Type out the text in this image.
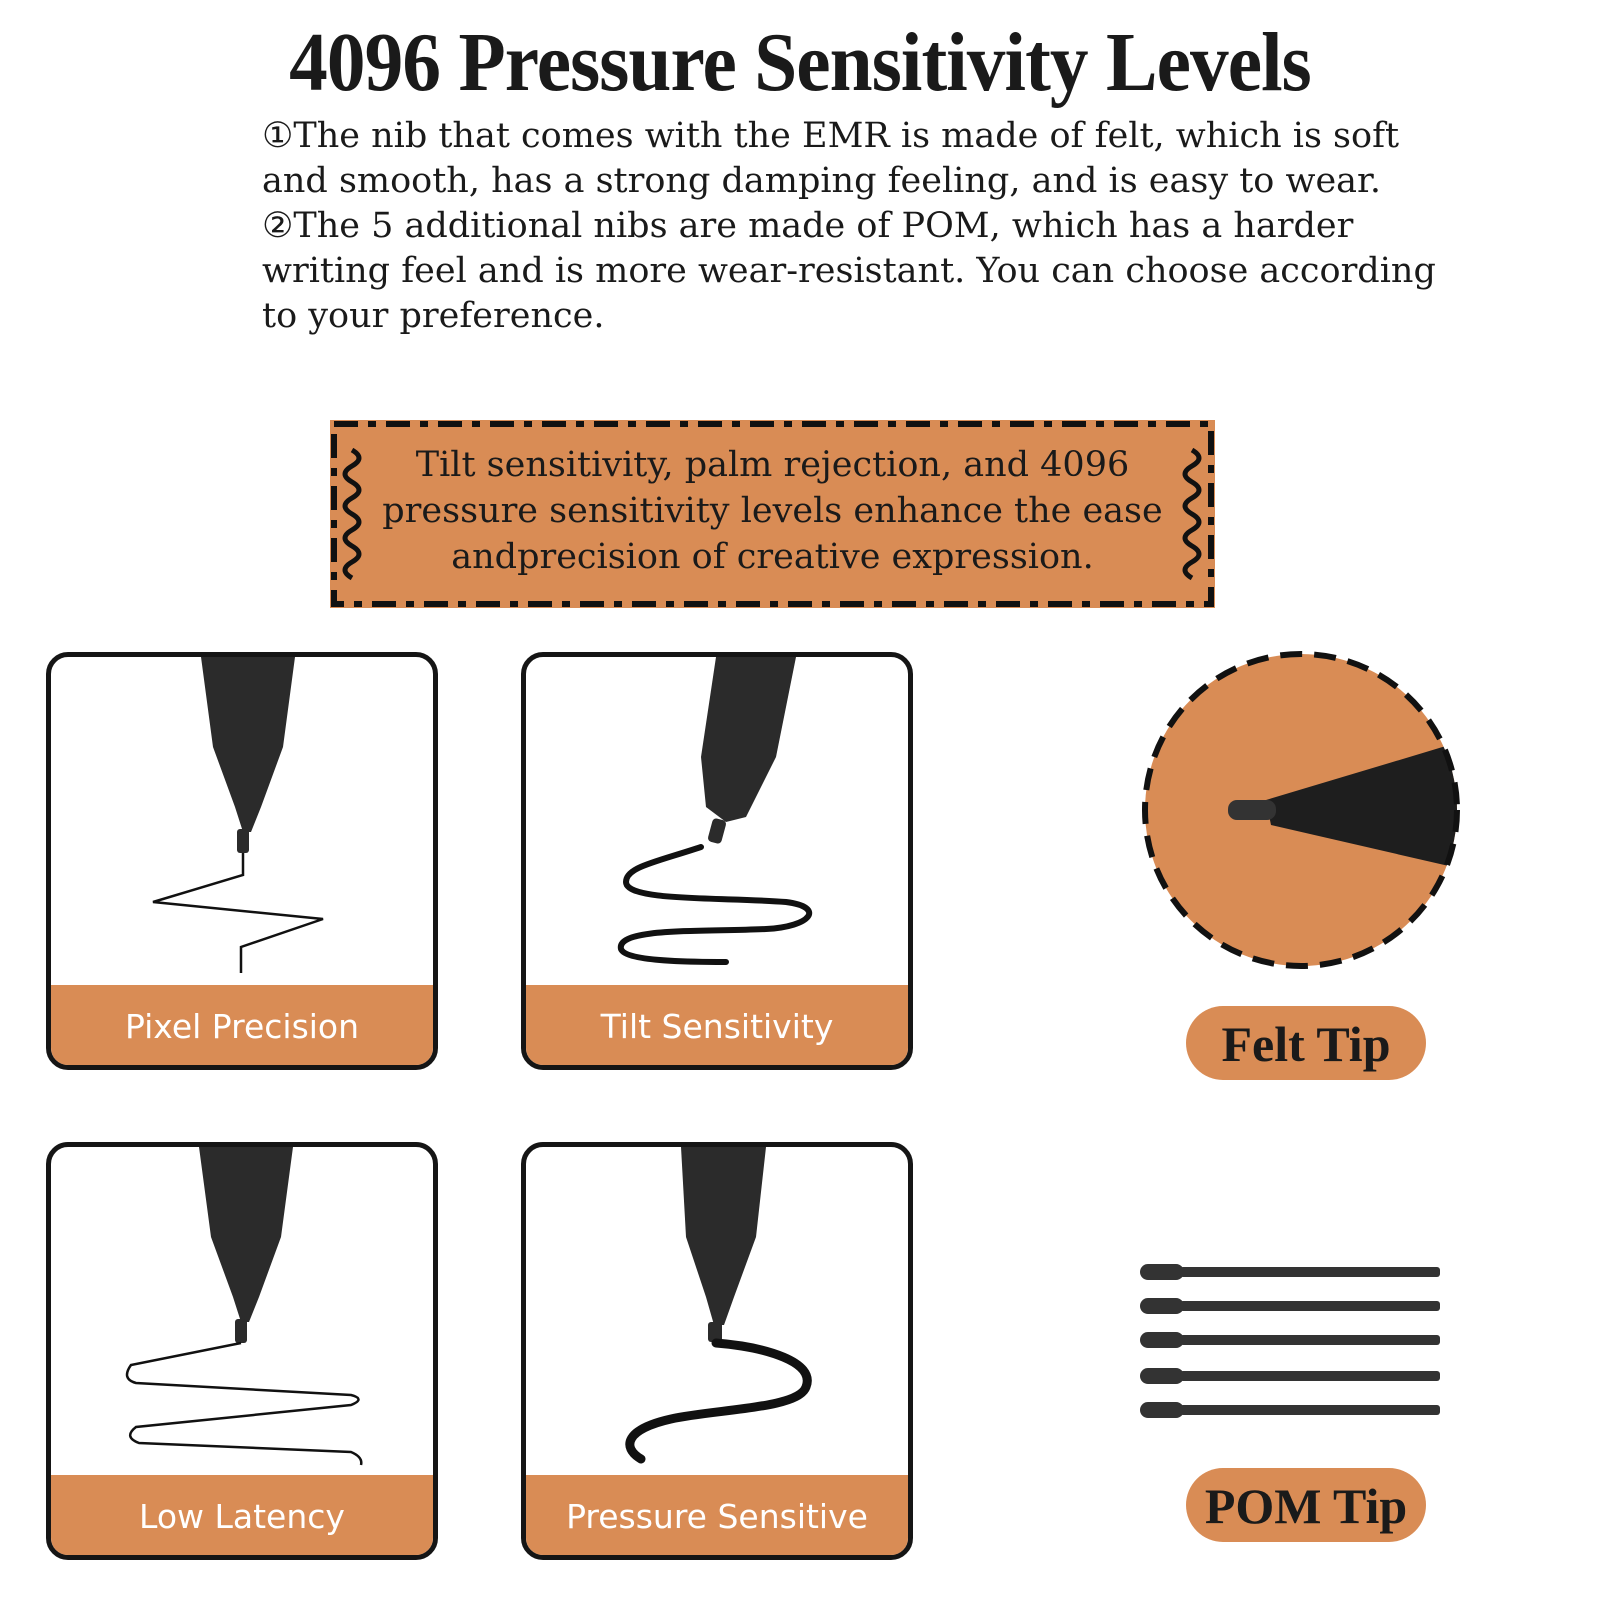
4096 Pressure Sensitivity Levels

①The nib that comes with the EMR is made of felt, which is soft and smooth, has a strong damping feeling, and is easy to wear.

②The 5 additional nibs are made of POM, which has a harder writing feel and is more wear-resistant. You can choose according to your preference.

Tilt sensitivity, palm rejection, and 4096 pressure sensitivity levels enhance the ease andprecision of creative expression.
Pixel Precision	Tilt Sensitivity
Low Latency	Pressure Sensitive
Felt Tip
POM Tip
